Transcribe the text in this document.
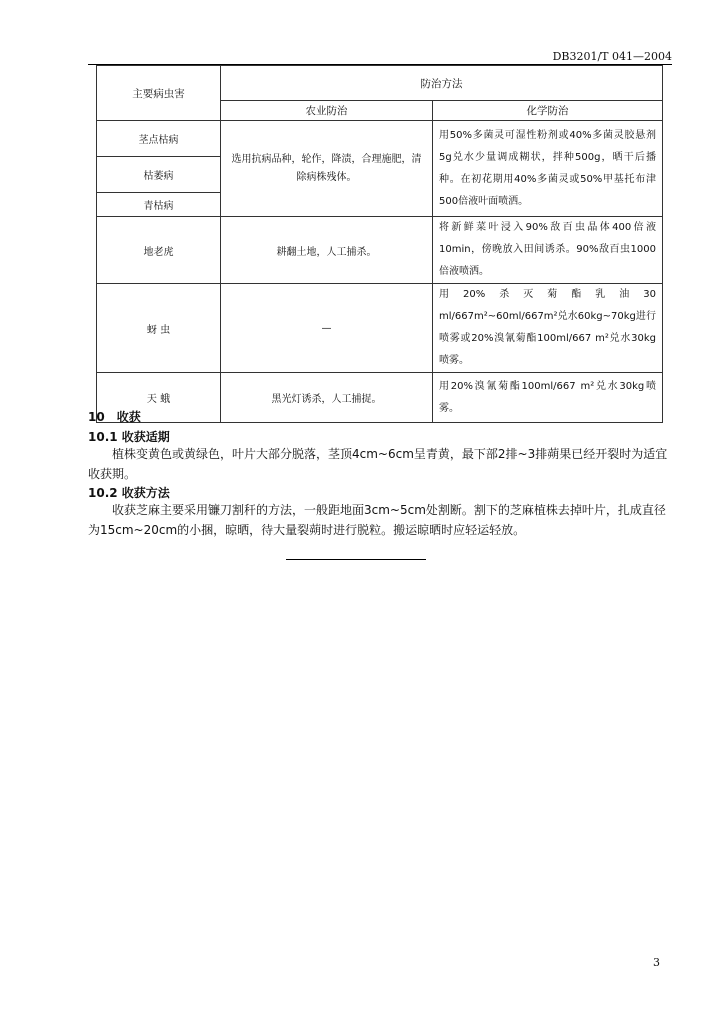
DB3201/T 041—2004
主要病虫害	防治方法	
	农业防治	化学防治
茎点枯病	选用抗病品种，轮作，降渍，合理施肥，清除病株残体。	用50%多菌灵可湿性粉剂或40%多菌灵胶悬剂5g兑水少量调成糊状，拌种500g，晒干后播种。在初花期用40%多菌灵或50%甲基托布津500倍液叶面喷洒。
枯萎病		
青枯病		
地老虎	耕翻土地，人工捕杀。	将新鲜菜叶浸入90%敌百虫晶体400倍液10min，傍晚放入田间诱杀。90%敌百虫1000倍液喷洒。
蚜 虫	—	用20%杀灭菊酯乳油30 ml/667m²~60ml/667m²兑水60kg~70kg进行喷雾或20%溴氰菊酯100ml/667 m²兑水30kg喷雾。
天 蛾	黑光灯诱杀，人工捕捉。	用20%溴氰菊酯100ml/667 m²兑水30kg喷雾。
10　收获
10.1 收获适期
植株变黄色或黄绿色，叶片大部分脱落，茎顶4cm~6cm呈青黄，最下部2排~3排蒴果已经开裂时为适宜收获期。
10.2 收获方法
收获芝麻主要采用镰刀割秆的方法，一般距地面3cm~5cm处割断。割下的芝麻植株去掉叶片，扎成直径为15cm~20cm的小捆，晾晒，待大量裂蒴时进行脱粒。搬运晾晒时应轻运轻放。
3
